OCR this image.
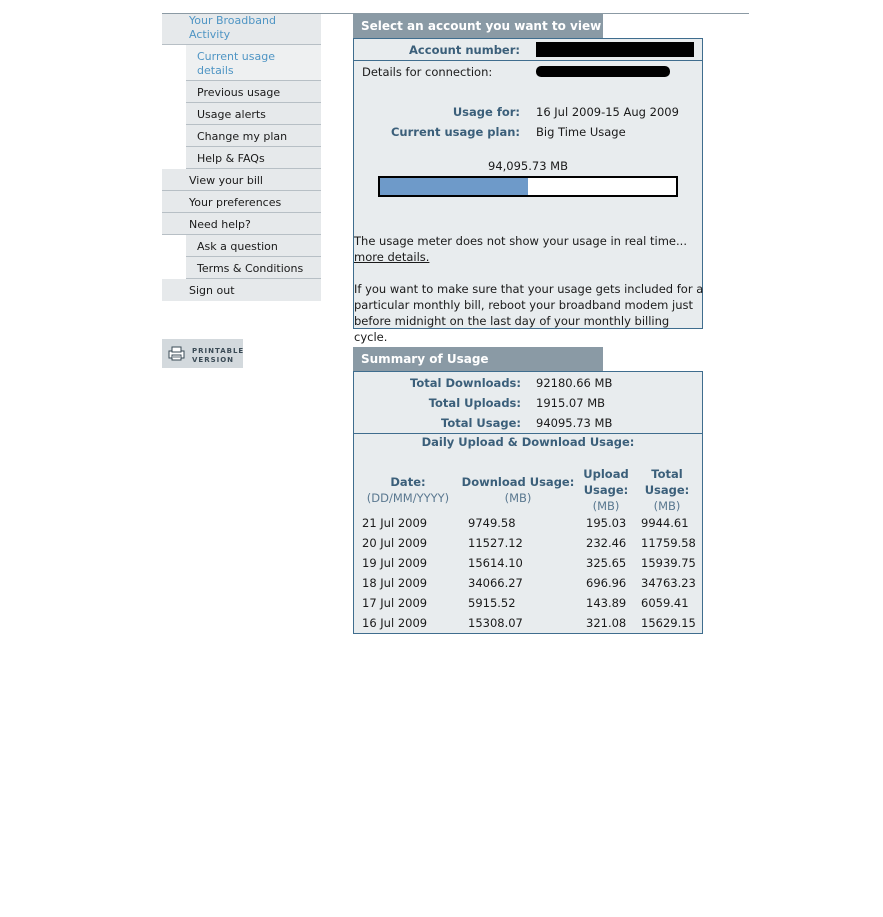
Your Broadband Activity
Current usage details
Previous usage
Usage alerts
Change my plan
Help & FAQs
View your bill
Your preferences
Need help?
Ask a question
Terms & Conditions
Sign out
PRINTABLE
VERSION
Select an account you want to view
Account number:
Details for connection:
Usage for: 16 Jul 2009-15 Aug 2009
Current usage plan: Big Time Usage
94,095.73 MB
The usage meter does not show your usage in real time...
more details.
If you want to make sure that your usage gets included for a particular monthly bill, reboot your broadband modem just before midnight on the last day of your monthly billing cycle.
Summary of Usage
Total Downloads: 92180.66 MB
Total Uploads: 1915.07 MB
Total Usage: 94095.73 MB
Daily Upload & Download Usage:
Date:
(DD/MM/YYYY)
Download Usage:
(MB)
Upload Usage:
(MB)
Total Usage:
(MB)
21 Jul 2009	9749.58	195.03 9944.61
20 Jul 2009	11527.12	232.46 11759.58
19 Jul 2009	15614.10	325.65 15939.75
18 Jul 2009	34066.27	696.96 34763.23
17 Jul 2009	5915.52	143.89 6059.41
16 Jul 2009	15308.07	321.08 15629.15
